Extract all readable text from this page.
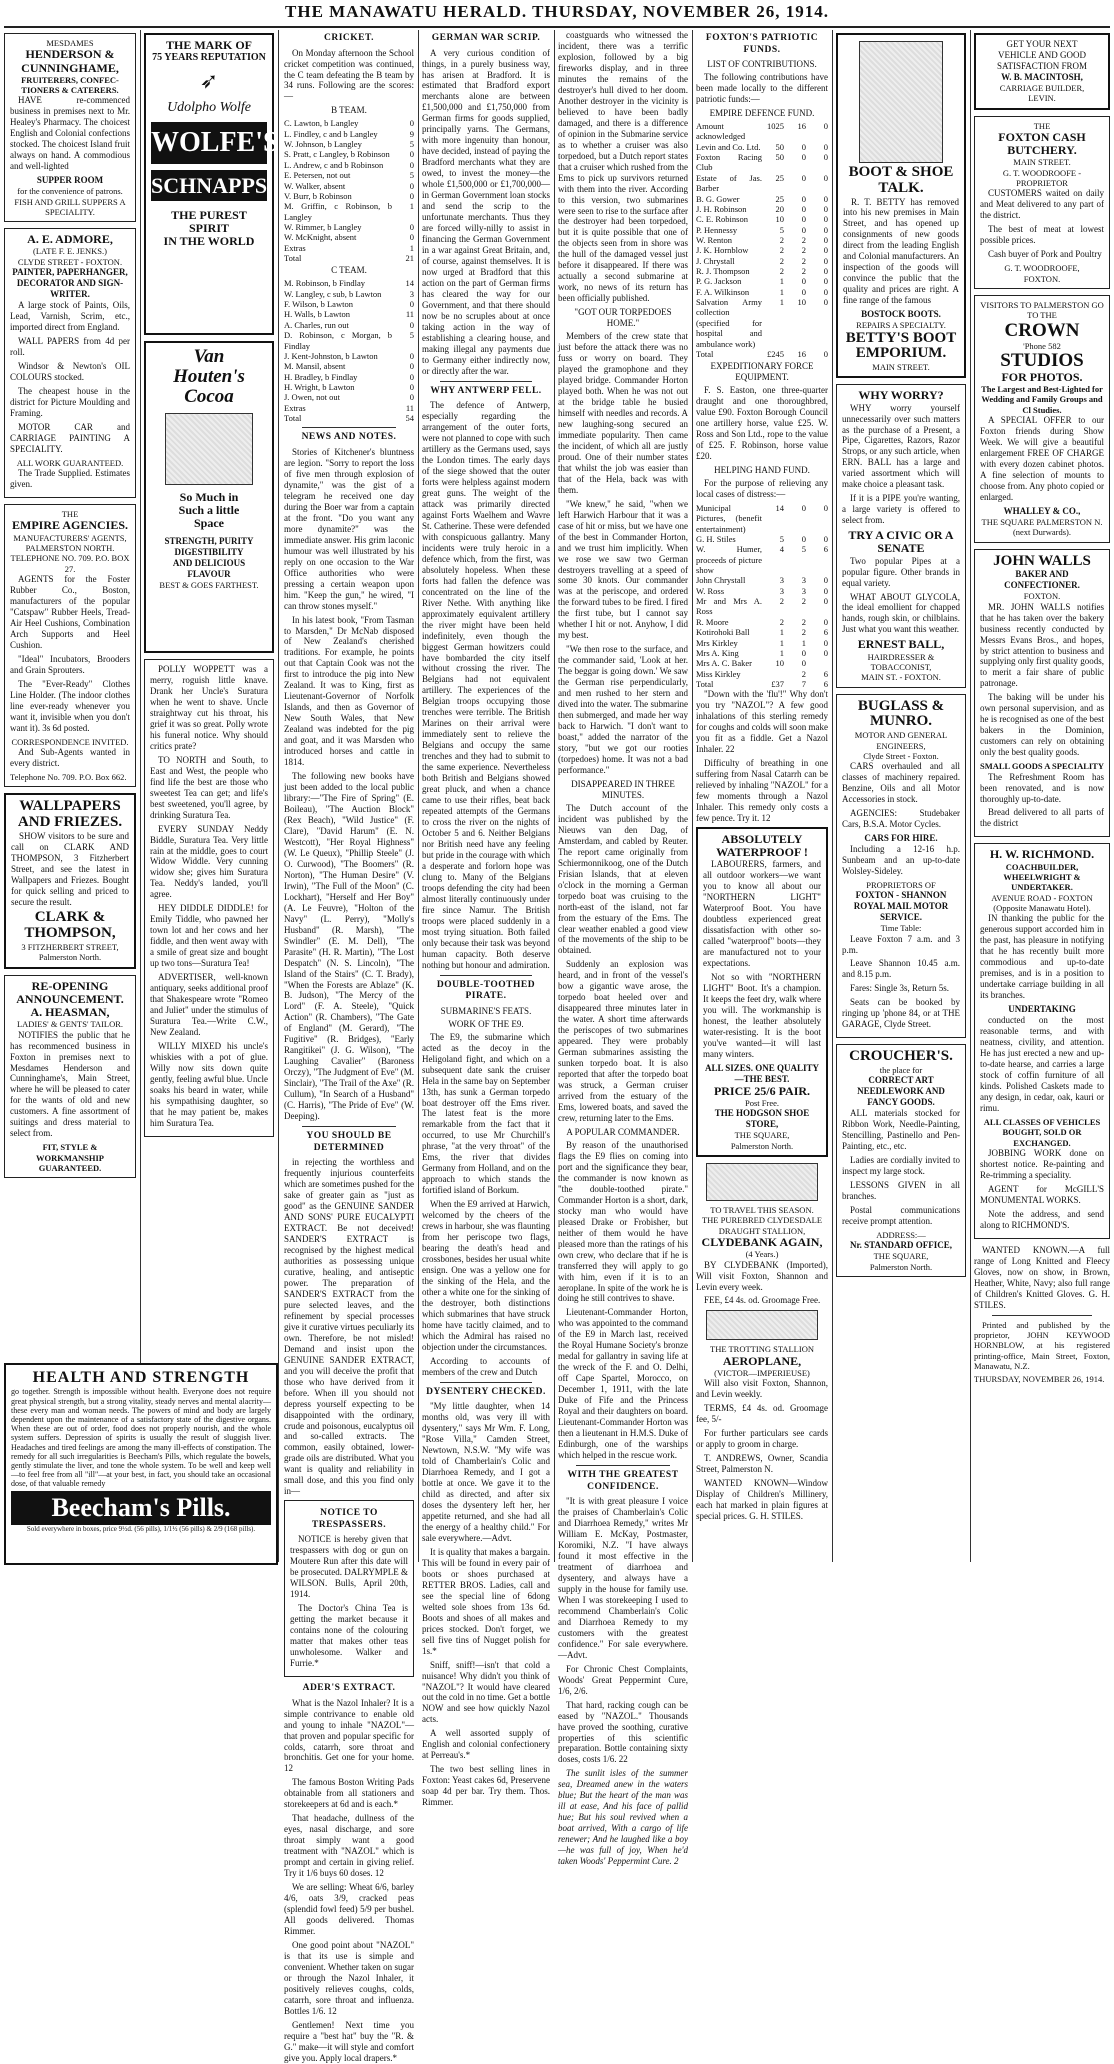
THE MANAWATU HERALD. THURSDAY, NOVEMBER 26, 1914.
MESDAMES
HENDERSON &
CUNNINGHAME,
FRUITERERS, CONFEC- TIONERS & CATERERS.

HAVE re-commenced business in premises next to Mr. Healey's Pharmacy. The choicest English and Colonial confections stocked. The choicest Island fruit always on hand. A commodious and well-lighted

SUPPER ROOM
for the convenience of patrons.
FISH AND GRILL SUPPERS A SPECIALITY.
A. E. ADMORE,
(LATE F. E. JENKS.)
CLYDE STREET - FOXTON.
PAINTER, PAPERHANGER, DECORATOR AND SIGN-WRITER.

A large stock of Paints, Oils, Lead, Varnish, Scrim, etc., imported direct from England.

WALL PAPERS from 4d per roll.

Windsor & Newton's OIL COLOURS stocked.

The cheapest house in the district for Picture Moulding and Framing.

MOTOR CAR and CARRIAGE PAINTING A SPECIALITY.

ALL WORK GUARANTEED.

The Trade Supplied. Estimates given.

THE
EMPIRE AGENCIES.
MANUFACTURERS' AGENTS, PALMERSTON NORTH.
TELEPHONE NO. 709. P.O. BOX 27.

AGENTS for the Foster Rubber Co., Boston, manufacturers of the popular "Catspaw" Rubber Heels, Tread-Air Heel Cushions, Combination Arch Supports and Heel Cushion.

"Ideal" Incubators, Brooders and Grain Sprouters.

The "Ever-Ready" Clothes Line Holder. (The indoor clothes line ever-ready whenever you want it, invisible when you don't want it). 3s 6d posted.

CORRESPONDENCE INVITED.

And Sub-Agents wanted in every district.

Telephone No. 709. P.O. Box 662.
WALLPAPERS
AND FRIEZES.

SHOW visitors to be sure and call on CLARK AND THOMPSON, 3 Fitzherbert Street, and see the latest in Wallpapers and Friezes. Bought for quick selling and priced to secure the result.

CLARK &
THOMPSON,
3 FITZHERBERT STREET,
Palmerston North.
RE-OPENING
ANNOUNCEMENT.
A. HEASMAN,
LADIES' & GENTS' TAILOR.

NOTIFIES the public that he has recommenced business in Foxton in premises next to Mesdames Henderson and Cunninghame's, Main Street, where he will be pleased to cater for the wants of old and new customers. A fine assortment of suitings and dress material to select from.

FIT, STYLE & WORKMANSHIP GUARANTEED.
THE MARK OF
75 YEARS REPUTATION
➶
Udolpho Wolfe
WOLFE'S
SCHNAPPS
THE PUREST SPIRIT
IN THE WORLD
Van
Houten's
Cocoa
So Much in
Such a little
Space
STRENGTH, PURITY
DIGESTIBILITY
AND DELICIOUS
FLAVOUR
BEST & GOES FARTHEST.

POLLY WOPPETT was a merry, roguish little knave. Drank her Uncle's Suratura when he went to shave. Uncle straightway cut his throat, his grief it was so great. Polly wrote his funeral notice. Why should critics prate?

TO NORTH and South, to East and West, the people who find life the best are those who sweetest Tea can get; and life's best sweetened, you'll agree, by drinking Suratura Tea.

EVERY SUNDAY Neddy Biddle, Suratura Tea. Very little rain at the middle, goes to court Widow Widdle. Very cunning widow she; gives him Suratura Tea. Neddy's landed, you'll agree.

HEY DIDDLE DIDDLE! for Emily Tiddle, who pawned her town lot and her cows and her fiddle, and then went away with a smile of great size and bought up two tons—Suratura Tea!

ADVERTISER, well-known antiquary, seeks additional proof that Shakespeare wrote "Romeo and Juliet" under the stimulus of Suratura Tea.—Write C.W., New Zealand.

WILLY MIXED his uncle's whiskies with a pot of glue. Willy now sits down quite gently, feeling awful blue. Uncle soaks his beard in water, while his sympathising daughter, so that he may patient be, makes him Suratura Tea.

HEALTH AND STRENGTH
go together. Strength is impossible without health. Everyone does not require great physical strength, but a strong vitality, steady nerves and mental alacrity—these every man and woman needs. The powers of mind and body are largely dependent upon the maintenance of a satisfactory state of the digestive organs. When these are out of order, food does not properly nourish, and the whole system suffers. Depression of spirits is usually the result of sluggish liver. Headaches and tired feelings are among the many ill-effects of constipation. The remedy for all such irregularities is Beecham's Pills, which regulate the bowels, gently stimulate the liver, and tone the whole system. To be well and keep well—to feel free from all "ill"—at your best, in fact, you should take an occasional dose, of that valuable remedy
Beecham's Pills.
Sold everywhere in boxes, price 9½d. (56 pills), 1/1½ (56 pills) & 2/9 (168 pills).
CRICKET.

On Monday afternoon the School cricket competition was continued, the C team defeating the B team by 34 runs. Following are the scores:—

B TEAM.
C. Lawton, b Langley	0
L. Findley, c and b Langley	9
W. Johnson, b Langley	5
S. Pratt, c Langley, b Robinson	0
L. Andrew, c and b Robinson	0
E. Petersen, not out	5
W. Walker, absent	0
V. Burr, b Robinson	0
M. Griffin, c Robinson, b Langley	1
W. Rimmer, b Langley	0
W. McKnight, absent	0
Extras	1
Total	21
C TEAM.
M. Robinson, b Findlay	14
W. Langley, c sub, b Lawton	3
F. Wilson, b Lawton	0
H. Walls, b Lawton	11
A. Charles, run out	0
D. Robinson, c Morgan, b Findlay	5
J. Kent-Johnston, b Lawton	0
M. Mansil, absent	0
H. Bradley, b Findlay	0
H. Wright, b Lawton	0
J. Owen, not out	0
Extras	11
Total	54
NEWS AND NOTES.

Stories of Kitchener's bluntness are legion. "Sorry to report the loss of five men through explosion of dynamite," was the gist of a telegram he received one day during the Boer war from a captain at the front. "Do you want any more dynamite?" was the immediate answer. His grim laconic humour was well illustrated by his reply on one occasion to the War Office authorities who were pressing a certain weapon upon him. "Keep the gun," he wired, "I can throw stones myself."

In his latest book, "From Tasman to Marsden," Dr McNab disposed of New Zealand's cherished traditions. For example, he points out that Captain Cook was not the first to introduce the pig into New Zealand. It was to King, first as Lieutenant-Governor of Norfolk Islands, and then as Governor of New South Wales, that New Zealand was indebted for the pig and goat, and it was Marsden who introduced horses and cattle in 1814.

The following new books have just been added to the local public library:—"The Fire of Spring" (E. Boileau), "The Auction Block" (Rex Beach), "Wild Justice" (F. Clare), "David Harum" (E. N. Westcott), "Her Royal Highness" (W. Le Queux), "Phillip Steele" (J. O. Curwood), "The Boomers" (R. Norton), "The Human Desire" (V. Irwin), "The Full of the Moon" (C. Lockhart), "Herself and Her Boy" (A. Le Feuvre), "Holton of the Navy" (L. Perry), "Molly's Husband" (R. Marsh), "The Swindler" (E. M. Dell), "The Parasite" (H. R. Martin), "The Lost Despatch" (N. S. Lincoln), "The Island of the Stairs" (C. T. Brady), "When the Forests are Ablaze" (K. B. Judson), "The Mercy of the Lord" (F. A. Steele), "Quick Action" (R. Chambers), "The Gate of England" (M. Gerard), "The Fugitive" (R. Bridges), "Early Rangitikei" (J. G. Wilson), "The Laughing Cavalier" (Baroness Orczy), "The Judgment of Eve" (M. Sinclair), "The Trail of the Axe" (R. Cullum), "In Search of a Husband" (C. Harris), "The Pride of Eve" (W. Deeping).

YOU SHOULD BE DETERMINED

in rejecting the worthless and frequently injurious counterfeits which are sometimes pushed for the sake of greater gain as "just as good" as the GENUINE SANDER AND SONS' PURE EUCALYPTI EXTRACT. Be not deceived! SANDER'S EXTRACT is recognised by the highest medical authorities as possessing unique curative, healing, and antiseptic power. The preparation of SANDER'S EXTRACT from the pure selected leaves, and the refinement by special processes give it curative virtues peculiarly its own. Therefore, be not misled! Demand and insist upon the GENUINE SANDER EXTRACT, and you will deceive the profit that those who have derived from it before. When ill you should not depress yourself expecting to be disappointed with the ordinary, crude and poisonous, eucalyptus oil and so-called extracts. The common, easily obtained, lower-grade oils are distributed. What you want is quality and reliability in small dose, and this you find only in—

NOTICE TO TRESPASSERS.

NOTICE is hereby given that trespassers with dog or gun on Moutere Run after this date will be prosecuted. DALRYMPLE & WILSON. Bulls, April 20th, 1914.

The Doctor's China Tea is getting the market because it contains none of the colouring matter that makes other teas unwholesome. Walker and Furrie.*

ADER'S EXTRACT.

What is the Nazol Inhaler? It is a simple contrivance to enable old and young to inhale "NAZOL"—that proven and popular specific for colds, catarrh, sore throat and bronchitis. Get one for your home. 12

The famous Boston Writing Pads obtainable from all stationers and storekeepers at 6d and is each.*

That headache, dullness of the eyes, nasal discharge, and sore throat simply want a good treatment with "NAZOL" which is prompt and certain in giving relief. Try it 1/6 buys 60 doses. 12

We are selling: Wheat 6/6, barley 4/6, oats 3/9, cracked peas (splendid fowl feed) 5/9 per bushel. All goods delivered. Thomas Rimmer.

One good point about "NAZOL" is that its use is simple and convenient. Whether taken on sugar or through the Nazol Inhaler, it positively relieves coughs, colds, catarrh, sore throat and influenza. Bottles 1/6. 12

Gentlemen! Next time you require a "best hat" buy the "R. & G." make—it will style and comfort give you. Apply local drapers.*

GERMAN WAR SCRIP.

A very curious condition of things, in a purely business way, has arisen at Bradford. It is estimated that Bradford export merchants alone are between £1,500,000 and £1,750,000 from German firms for goods supplied, principally yarns. The Germans, with more ingenuity than honour, have decided, instead of paying the Bradford merchants what they are owed, to invest the money—the whole £1,500,000 or £1,700,000—in German Government loan stocks and send the scrip to the unfortunate merchants. Thus they are forced willy-nilly to assist in financing the German Government in a war against Great Britain, and, of course, against themselves. It is now urged at Bradford that this action on the part of German firms has cleared the way for our Government, and that there should now be no scruples about at once taking action in the way of establishing a clearing house, and making illegal any payments due to Germany either indirectly now, or directly after the war.

WHY ANTWERP FELL.

The defence of Antwerp, especially regarding the arrangement of the outer forts, were not planned to cope with such artillery as the Germans used, says the London times. The early days of the siege showed that the outer forts were helpless against modern great guns. The weight of the attack was primarily directed against Forts Waelhem and Wavre St. Catherine. These were defended with conspicuous gallantry. Many incidents were truly heroic in a defence which, from the first, was absolutely hopeless. When these forts had fallen the defence was concentrated on the line of the River Nethe. With anything like approximately equivalent artillery the river might have been held indefinitely, even though the biggest German howitzers could have bombarded the city itself without crossing the river. The Belgians had not equivalent artillery. The experiences of the Belgian troops occupying those trenches were terrible. The British Marines on their arrival were immediately sent to relieve the Belgians and occupy the same trenches and they had to submit to the same experience. Nevertheless both British and Belgians showed great pluck, and when a chance came to use their rifles, beat back repeated attempts of the Germans to cross the river on the nights of October 5 and 6. Neither Belgians nor British need have any feeling but pride in the courage with which a desperate and forlorn hope was clung to. Many of the Belgians troops defending the city had been almost literally continuously under fire since Namur. The British troops were placed suddenly in a most trying situation. Both failed only because their task was beyond human capacity. Both deserve nothing but honour and admiration.

DOUBLE-TOOTHED PIRATE.
SUBMARINE'S FEATS.
WORK OF THE E9.

The E9, the submarine which acted as the decoy in the Heligoland fight, and which on a subsequent date sank the cruiser Hela in the same bay on September 13th, has sunk a German torpedo boat destroyer off the Ems river. The latest feat is the more remarkable from the fact that it occurred, to use Mr Churchill's phrase, "at the very throat" of the Ems, the river that divides Germany from Holland, and on the approach to which stands the fortified island of Borkum.

When the E9 arrived at Harwich, welcomed by the cheers of the crews in harbour, she was flaunting from her periscope two flags, bearing the death's head and crossbones, besides her usual white ensign. One was a yellow one for the sinking of the Hela, and the other a white one for the sinking of the destroyer, both distinctions which submarines that have struck home have tacitly claimed, and to which the Admiral has raised no objection under the circumstances.

According to accounts of members of the crew and Dutch

DYSENTERY CHECKED.

"My little daughter, when 14 months old, was very ill with dysentery," says Mr Wm. F. Long, "Rose Villa," Camden Street, Newtown, N.S.W. "My wife was told of Chamberlain's Colic and Diarrhoea Remedy, and I got a bottle at once. We gave it to the child as directed, and after six doses the dysentery left her, her appetite returned, and she had all the energy of a healthy child." For sale everywhere.—Advt.

It is quality that makes a bargain. This will be found in every pair of boots or shoes purchased at RETTER BROS. Ladies, call and see the special line of 6dong welted sole shoes from 13s 6d. Boots and shoes of all makes and prices stocked. Don't forget, we sell five tins of Nugget polish for 1s.*

Sniff, sniff!—isn't that cold a nuisance! Why didn't you think of "NAZOL"? It would have cleared out the cold in no time. Get a bottle NOW and see how quickly Nazol acts.

A well assorted supply of English and colonial confectionery at Perreau's.*

The two best selling lines in Foxton: Yeast cakes 6d, Preservene soap 4d per bar. Try them. Thos. Rimmer.

coastguards who witnessed the incident, there was a terrific explosion, followed by a big fireworks display, and in three minutes the remains of the destroyer's hull dived to her doom. Another destroyer in the vicinity is believed to have been badly damaged, and there is a difference of opinion in the Submarine service as to whether a cruiser was also torpedoed, but a Dutch report states that a cruiser which rushed from the Ems to pick up survivors returned with them into the river. According to this version, two submarines were seen to rise to the surface after the destroyer had been torpedoed, but it is quite possible that one of the objects seen from in shore was the hull of the damaged vessel just before it disappeared. If there was actually a second submarine at work, no news of its return has been officially published.

"GOT OUR TORPEDOES HOME."

Members of the crew state that just before the attack there was no fuss or worry on board. They played the gramophone and they played bridge. Commander Horton played both. When he was not out at the bridge table he busied himself with needles and records. A new laughing-song secured an immediate popularity. Then came the incident, of which all are justly proud. One of their number states that whilst the job was easier than that of the Hela, back was with them.

"We knew," he said, "when we left Harwich Harbour that it was a case of hit or miss, but we have one of the best in Commander Horton, and we trust him implicitly. When we rose we saw two German destroyers travelling at a speed of some 30 knots. Our commander was at the periscope, and ordered the forward tubes to be fired. I fired the first tube, but I cannot say whether I hit or not. Anyhow, I did my best.

"We then rose to the surface, and the commander said, 'Look at her. The beggar is going down.' We saw the German rise perpendicularly, and men rushed to her stern and dived into the water. The submarine then submerged, and made her way back to Harwich. "I don't want to boast," added the narrator of the story, "but we got our rooties (torpedoes) home. It was not a bad performance."

DISAPPEARED IN THREE MINUTES.

The Dutch account of the incident was published by the Nieuws van den Dag, of Amsterdam, and cabled by Reuter. The report came originally from Schiermonnikoog, one of the Dutch Frisian Islands, that at eleven o'clock in the morning a German torpedo boat was cruising to the north-east of the island, not far from the estuary of the Ems. The clear weather enabled a good view of the movements of the ship to be obtained.

Suddenly an explosion was heard, and in front of the vessel's bow a gigantic wave arose, the torpedo boat heeled over and disappeared three minutes later in the water. A short time afterwards the periscopes of two submarines appeared. They were probably German submarines assisting the sunken torpedo boat. It is also reported that after the torpedo boat was struck, a German cruiser arrived from the estuary of the Ems, lowered boats, and saved the crew, returning later to the Ems.

A POPULAR COMMANDER.

By reason of the unauthorised flags the E9 flies on coming into port and the significance they bear, the commander is now known as "the double-toothed pirate." Commander Horton is a short, dark, stocky man who would have pleased Drake or Frobisher, but neither of them would he have pleased more than the ratings of his own crew, who declare that if he is transferred they will apply to go with him, even if it is to an aeroplane. In spite of the work he is doing he still contrives to shave.

Lieutenant-Commander Horton, who was appointed to the command of the E9 in March last, received the Royal Humane Society's bronze medal for gallantry in saving life at the wreck of the F. and O. Delhi, off Cape Spartel, Morocco, on December 1, 1911, with the late Duke of Fife and the Princess Royal and their daughters on board. Lieutenant-Commander Horton was then a lieutenant in H.M.S. Duke of Edinburgh, one of the warships which helped in the rescue work.

WITH THE GREATEST CONFIDENCE.

"It is with great pleasure I voice the praises of Chamberlain's Colic and Diarrhoea Remedy," writes Mr William E. McKay, Postmaster, Koromiki, N.Z. "I have always found it most effective in the treatment of diarrhoea and dysentery, and always have a supply in the house for family use. When I was storekeeping I used to recommend Chamberlain's Colic and Diarrhoea Remedy to my customers with the greatest confidence." For sale everywhere.—Advt.

For Chronic Chest Complaints, Woods' Great Peppermint Cure, 1/6, 2/6.

That hard, racking cough can be eased by "NAZOL." Thousands have proved the soothing, curative properties of this scientific preparation. Bottle containing sixty doses, costs 1/6. 22

The sunlit isles of the summer sea, Dreamed anew in the waters blue; But the heart of the man was ill at ease, And his face of pallid hue; But his soul revived when a boat arrived, With a cargo of life renewer; And he laughed like a boy—he was full of joy, When he'd taken Woods' Peppermint Cure. 2

FOXTON'S PATRIOTIC FUNDS.
LIST OF CONTRIBUTIONS.

The following contributions have been made locally to the different patriotic funds:—

EMPIRE DEFENCE FUND.
Amount acknowledged	1025	16	0
Levin and Co. Ltd.	50	0	0
Foxton Racing Club	50	0	0
Estate of Jas. Barber	25	0	0
B. G. Gower	25	0	0
J. H. Robinson	20	0	0
C. E. Robinson	10	0	0
P. Hennessy	5	0	0
W. Renton	2	2	0
J. K. Hornblow	2	2	0
J. Chrystall	2	2	0
R. J. Thompson	2	2	0
P. G. Jackson	1	0	0
F. A. Wilkinson	1	0	0
Salvation Army collection (specified for hospital and ambulance work)	1	10	0
Total	£245	16	0
EXPEDITIONARY FORCE EQUIPMENT.

F. S. Easton, one three-quarter draught and one thoroughbred, value £90. Foxton Borough Council one artillery horse, value £25. W. Ross and Son Ltd., rope to the value of £25. F. Robinson, horse value £20.

HELPING HAND FUND.

For the purpose of relieving any local cases of distress:—

Municipal Pictures, (benefit entertainment)	14	0	0
G. H. Stiles	5	0	0
W. Humer, proceeds of picture show	4	5	6
John Chrystall	3	3	0
W. Ross	3	3	0
Mr and Mrs A. Ross	2	2	0
R. Moore	2	2	0
Kotirohoki Ball	1	2	6
Mrs Kirkley	1	1	0
Mrs A. King	1	0	0
Mrs A. C. Baker	10	0	
Miss Kirkley		2	6
Total	£37	7	6

"Down with the 'flu'!" Why don't you try "NAZOL"? A few good inhalations of this sterling remedy for coughs and colds will soon make you fit as a fiddle. Get a Nazol Inhaler. 22

Difficulty of breathing in one suffering from Nasal Catarrh can be relieved by inhaling "NAZOL" for a few moments through a Nazol Inhaler. This remedy only costs a few pence. Try it. 12

ABSOLUTELY WATERPROOF !

LABOURERS, farmers, and all outdoor workers—we want you to know all about our "NORTHERN LIGHT" Waterproof Boot. You have doubtless experienced great dissatisfaction with other so-called "waterproof" boots—they are manufactured not to your expectations.

Not so with "NORTHERN LIGHT" Boot. It's a champion. It keeps the feet dry, walk where you will. The workmanship is honest, the leather absolutely water-resisting. It is the boot you've wanted—it will last many winters.

ALL SIZES. ONE QUALITY—THE BEST.
PRICE 25/6 PAIR.
Post Free.
THE HODGSON SHOE STORE,
THE SQUARE,
Palmerston North.
TO TRAVEL THIS SEASON.
THE PUREBRED CLYDESDALE DRAUGHT STALLION,
CLYDEBANK AGAIN,
(4 Years.)

BY CLYDEBANK (Imported), Will visit Foxton, Shannon and Levin every week.

FEE, £4 4s. od. Groomage Free.

THE TROTTING STALLION
AEROPLANE,
(VICTOR—IMPERIEUSE)

Will also visit Foxton, Shannon, and Levin weekly.

TERMS, £4 4s. od. Groomage fee, 5/-

For further particulars see cards or apply to groom in charge.

T. ANDREWS, Owner, Scandia Street, Palmerston N.

WANTED KNOWN—Window Display of Children's Millinery, each hat marked in plain figures at special prices. G. H. STILES.

BOOT & SHOE TALK.

R. T. BETTY has removed into his new premises in Main Street, and has opened up consignments of new goods direct from the leading English and Colonial manufacturers. An inspection of the goods will convince the public that the quality and prices are right. A fine range of the famous

BOSTOCK BOOTS.
REPAIRS A SPECIALTY.
BETTY'S BOOT EMPORIUM.
MAIN STREET.
WHY WORRY?

WHY worry yourself unnecessarily over such matters as the purchase of a Present, a Pipe, Cigarettes, Razors, Razor Strops, or any such article, when ERN. BALL has a large and varied assortment which will make choice a pleasant task.

If it is a PIPE you're wanting, a large variety is offered to select from.

TRY A CIVIC OR A SENATE

Two popular Pipes at a popular figure. Other brands in equal variety.

WHAT ABOUT GLYCOLA, the ideal emollient for chapped hands, rough skin, or chilblains. Just what you want this weather.

ERNEST BALL,
HAIRDRESSER & TOBACCONIST,
MAIN ST. - FOXTON.
BUGLASS &
MUNRO.
MOTOR AND GENERAL ENGINEERS,
Clyde Street - Foxton.

CARS overhauled and all classes of machinery repaired. Benzine, Oils and all Motor Accessories in stock.

AGENCIES: Studebaker Cars, B.S.A. Motor Cycles.

CARS FOR HIRE.

Including a 12-16 h.p. Sunbeam and an up-to-date Wolsley-Sideley.

PROPRIETORS OF
FOXTON - SHANNON ROYAL MAIL MOTOR SERVICE.
Time Table:

Leave Foxton 7 a.m. and 3 p.m.

Leave Shannon 10.45 a.m. and 8.15 p.m.

Fares: Single 3s, Return 5s.

Seats can be booked by ringing up 'phone 84, or at THE GARAGE, Clyde Street.

CROUCHER'S.
the place for
CORRECT ART NEEDLEWORK AND FANCY GOODS.

ALL materials stocked for Ribbon Work, Needle-Painting, Stencilling, Pastinello and Pen-Painting, etc., etc.

Ladies are cordially invited to inspect my large stock.

LESSONS GIVEN in all branches.

Postal communications receive prompt attention.

ADDRESS:—
Nr. STANDARD OFFICE,
THE SQUARE,
Palmerston North.
GET YOUR NEXT
VEHICLE AND GOOD
SATISFACTION FROM
W. B. MACINTOSH,
CARRIAGE BUILDER,
LEVIN.
THE
FOXTON CASH
BUTCHERY.
MAIN STREET.
G. T. WOODROOFE - PROPRIETOR

CUSTOMERS waited on daily and Meat delivered to any part of the district.

The best of meat at lowest possible prices.

Cash buyer of Pork and Poultry

G. T. WOODROOFE,
FOXTON.
VISITORS TO PALMERSTON GO TO THE
CROWN
'Phone 582
STUDIOS
FOR PHOTOS.
The Largest and Best-Lighted for Wedding and Family Groups and Cl Studies.

A SPECIAL OFFER to our Foxton friends during Show Week. We will give a beautiful enlargement FREE OF CHARGE with every dozen cabinet photos. A fine selection of mounts to choose from. Any photo copied or enlarged.

WHALLEY & CO.,
THE SQUARE PALMERSTON N.
(next Durwards).
JOHN WALLS
BAKER AND CONFECTIONER.
FOXTON.

MR. JOHN WALLS notifies that he has taken over the bakery business recently conducted by Messrs Evans Bros., and hopes, by strict attention to business and supplying only first quality goods, to merit a fair share of public patronage.

The baking will be under his own personal supervision, and as he is recognised as one of the best bakers in the Dominion, customers can rely on obtaining only the best quality goods.

SMALL GOODS A SPECIALITY

The Refreshment Room has been renovated, and is now thoroughly up-to-date.

Bread delivered to all parts of the district

H. W. RICHMOND.
COACHBUILDER, WHEELWRIGHT & UNDERTAKER.
AVENUE ROAD - FOXTON
(Opposite Manawatu Hotel).

IN thanking the public for the generous support accorded him in the past, has pleasure in notifying that he has recently built more commodious and up-to-date premises, and is in a position to undertake carriage building in all its branches.

UNDERTAKING

conducted on the most reasonable terms, and with neatness, civility, and attention. He has just erected a new and up-to-date hearse, and carries a large stock of coffin furniture of all kinds. Polished Caskets made to any design, in cedar, oak, kauri or rimu.

ALL CLASSES OF VEHICLES BOUGHT, SOLD OR EXCHANGED.

JOBBING WORK done on shortest notice. Re-painting and Re-trimming a speciality.

AGENT for McGILL'S MONUMENTAL WORKS.

Note the address, and send along to RICHMOND'S.

WANTED KNOWN.—A full range of Long Knitted and Fleecy Gloves, now on show, in Brown, Heather, White, Navy; also full range of Children's Knitted Gloves. G. H. STILES.

Printed and published by the proprietor, JOHN KEYWOOD HORNBLOW, at his registered printing-office, Main Street, Foxton, Manawatu, N.Z.

THURSDAY, NOVEMBER 26, 1914.
